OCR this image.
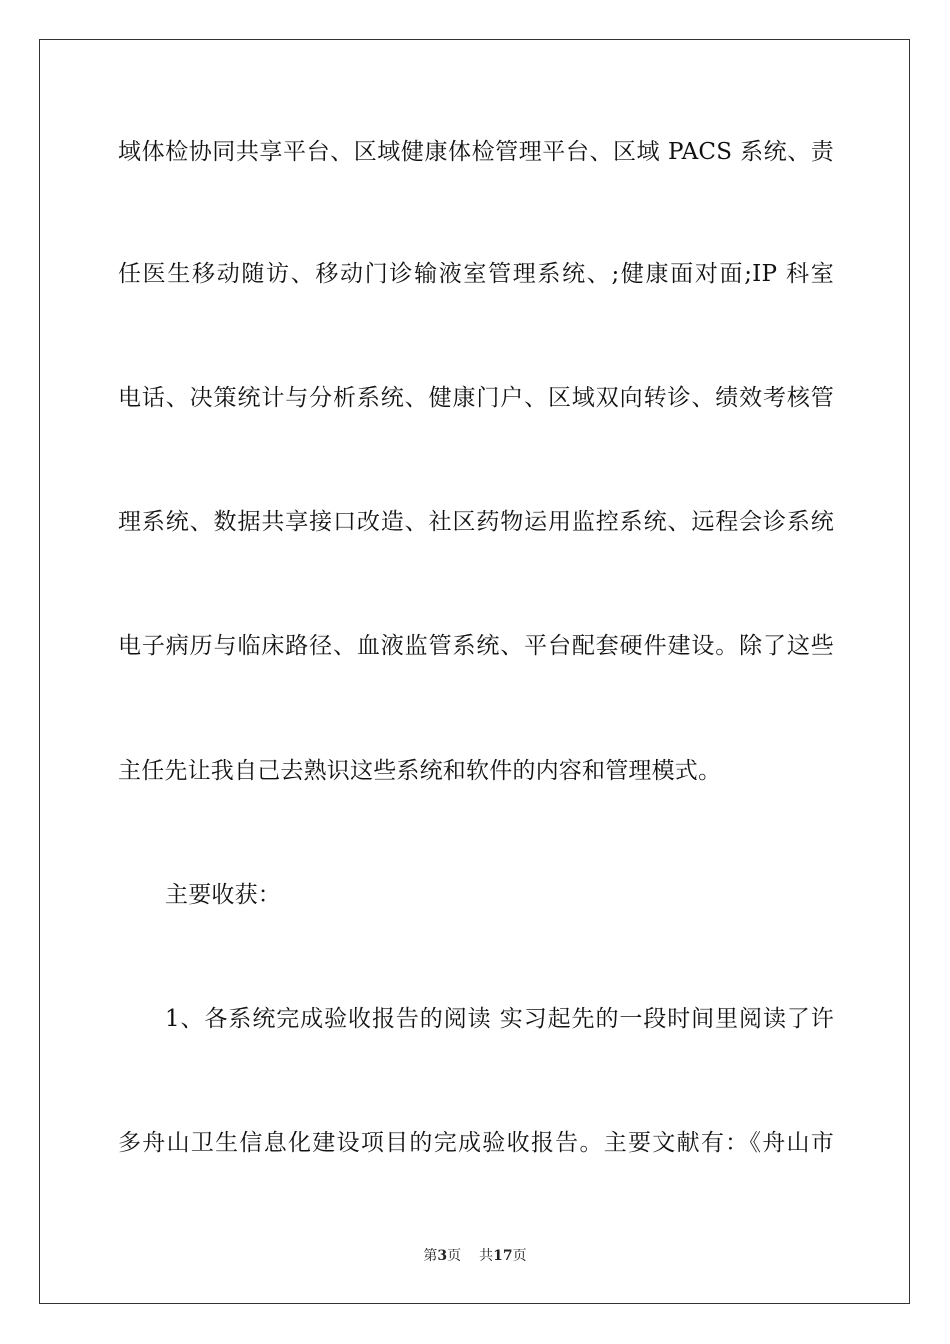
域体检协同共享平台、区域健康体检管理平台、区域 PACS 系统、责
任医生移动随访、移动门诊输液室管理系统、;健康面对面;IP 科室
电话、决策统计与分析系统、健康门户、区域双向转诊、绩效考核管
理系统、数据共享接口改造、社区药物运用监控系统、远程会诊系统
电子病历与临床路径、血液监管系统、平台配套硬件建设。除了这些
主任先让我自己去熟识这些系统和软件的内容和管理模式。
主要收获：
1、各系统完成验收报告的阅读 实习起先的一段时间里阅读了许
多舟山卫生信息化建设项目的完成验收报告。主要文献有：《舟山市
第3页 共17页
